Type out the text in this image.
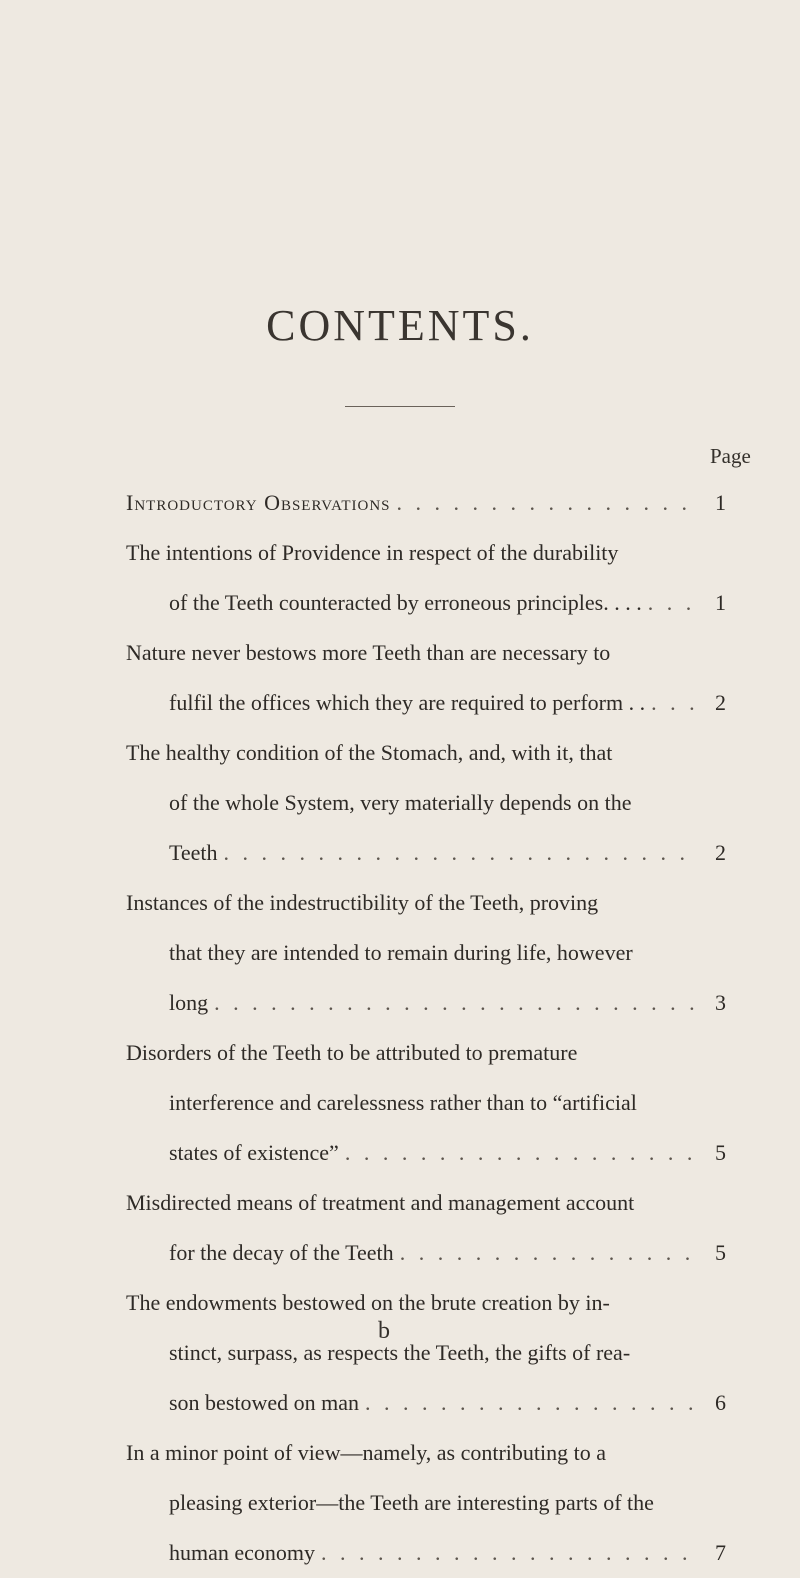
CONTENTS.
Page
Introductory Observations . . .	1
The intentions of Providence in respect of the durability
of the Teeth counteracted by erroneous principles. . . . . . .	1
Nature never bestows more Teeth than are necessary to
fulfil the offices which they are required to perform . . . . .	2
The healthy condition of the Stomach, and, with it, that
of the whole System, very materially depends on the
Teeth . . .	2
Instances of the indestructibility of the Teeth, proving
that they are intended to remain during life, however
long . . .	3
Disorders of the Teeth to be attributed to premature
interference and carelessness rather than to “artificial
states of existence” . . .	5
Misdirected means of treatment and management account
for the decay of the Teeth . . .	5
The endowments bestowed on the brute creation by in-
stinct, surpass, as respects the Teeth, the gifts of rea-
son bestowed on man . . .	6
In a minor point of view—namely, as contributing to a
pleasing exterior—the Teeth are interesting parts of the
human economy . . .	7
b
